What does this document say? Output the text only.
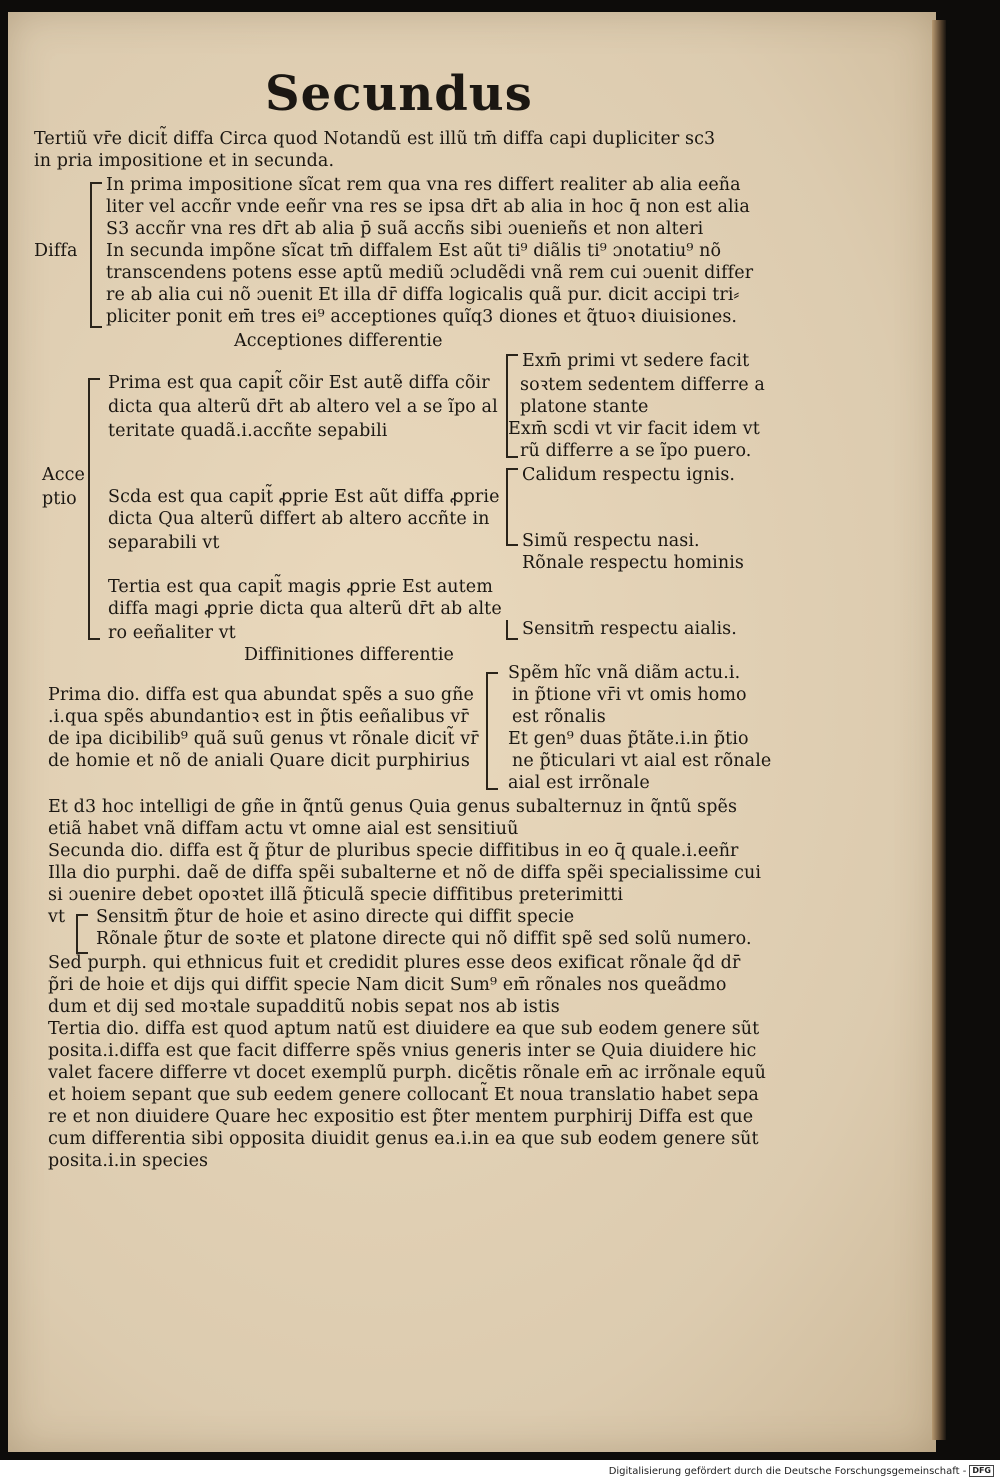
Secundus
Tertiũ vr̄e dicit̃ diffa Circa quod Notandũ est illũ tm̄ diffa capi dupliciter sc3
in pria impositione et in secunda.
In prima impositione sĩcat rem qua vna res differt realiter ab alia eeña
liter vel accñr vnde eeñr vna res se ipsa dr̄t ab alia in hoc q̄ non est alia
S3 accñr vna res dr̄t ab alia p̄ suã accñs sibi ɔuenieñs et non alteri
Diffa In secunda impõne sĩcat tm̄ diffalem Est aũt ti⁹ diãlis ti⁹ ɔnotatiu⁹ nõ
transcendens potens esse aptũ mediũ ɔcludẽdi vnã rem cui ɔuenit differ
re ab alia cui nõ ɔuenit Et illa dr̄ diffa logicalis quã pur. dicit accipi tri⸗
pliciter ponit em̄ tres ei⁹ acceptiones quĩq3 diones et q̃tuoꝛ diuisiones.
Acceptiones differentie
Prima est qua capit̃ cõir Est autẽ diffa cõir
dicta qua alterũ dr̄t ab altero vel a se ĩpo al
teritate quadã.i.accñte sepabili
Acce
ptio Scda est qua capit̃ ꝓprie Est aũt diffa ꝓprie
dicta Qua alterũ differt ab altero accñte in
separabili vt
Tertia est qua capit̃ magis ꝓprie Est autem
diffa magi ꝓprie dicta qua alterũ dr̄t ab alte
ro eeñaliter vt
Exm̄ primi vt sedere facit
soꝛtem sedentem differre a
platone stante
Exm̄ scdi vt vir facit idem vt
rũ differre a se ĩpo puero.
Calidum respectu ignis.
Simũ respectu nasi.
Rõnale respectu hominis
Sensitm̄ respectu aialis.
Diffinitiones differentie
Prima dio. diffa est qua abundat spẽs a suo gñe
.i.qua spẽs abundantioꝛ est in p̃tis eeñalibus vr̄
de ipa dicibilib⁹ quã suũ genus vt rõnale dicit̃ vr̄
de homie et nõ de aniali Quare dicit purphirius
Spẽm hĩc vnã diãm actu.i.
in p̃tione vr̄i vt omis homo
est rõnalis
Et gen⁹ duas p̃tãte.i.in p̃tio
ne p̃ticulari vt aial est rõnale
aial est irrõnale
Et d3 hoc intelligi de gñe in q̃ntũ genus Quia genus subalternuz in q̃ntũ spẽs
etiã habet vnã diffam actu vt omne aial est sensitiuũ
Secunda dio. diffa est q̃ p̃tur de pluribus specie diffitibus in eo q̄ quale.i.eeñr
Illa dio purphi. daẽ de diffa spẽi subalterne et nõ de diffa spẽi specialissime cui
si ɔuenire debet opoꝛtet illã p̃ticulã specie diffitibus preterimitti
vt Sensitm̄ p̃tur de hoie et asino directe qui diffit specie
Rõnale p̃tur de soꝛte et platone directe qui nõ diffit spẽ sed solũ numero.
Sed purph. qui ethnicus fuit et credidit plures esse deos exificat rõnale q̃d dr̄
p̃ri de hoie et dijs qui diffit specie Nam dicit Sum⁹ em̄ rõnales nos queãdmo
dum et dij sed moꝛtale supadditũ nobis sepat nos ab istis
Tertia dio. diffa est quod aptum natũ est diuidere ea que sub eodem genere sũt
posita.i.diffa est que facit differre spẽs vnius generis inter se Quia diuidere hic
valet facere differre vt docet exemplũ purph. dicẽtis rõnale em̄ ac irrõnale equũ
et hoiem sepant que sub eedem genere collocant̃ Et noua translatio habet sepa
re et non diuidere Quare hec expositio est p̃ter mentem purphirij Diffa est que
cum differentia sibi opposita diuidit genus ea.i.in ea que sub eodem genere sũt
posita.i.in species
Digitalisierung gefördert durch die Deutsche Forschungsgemeinschaft - DFG
